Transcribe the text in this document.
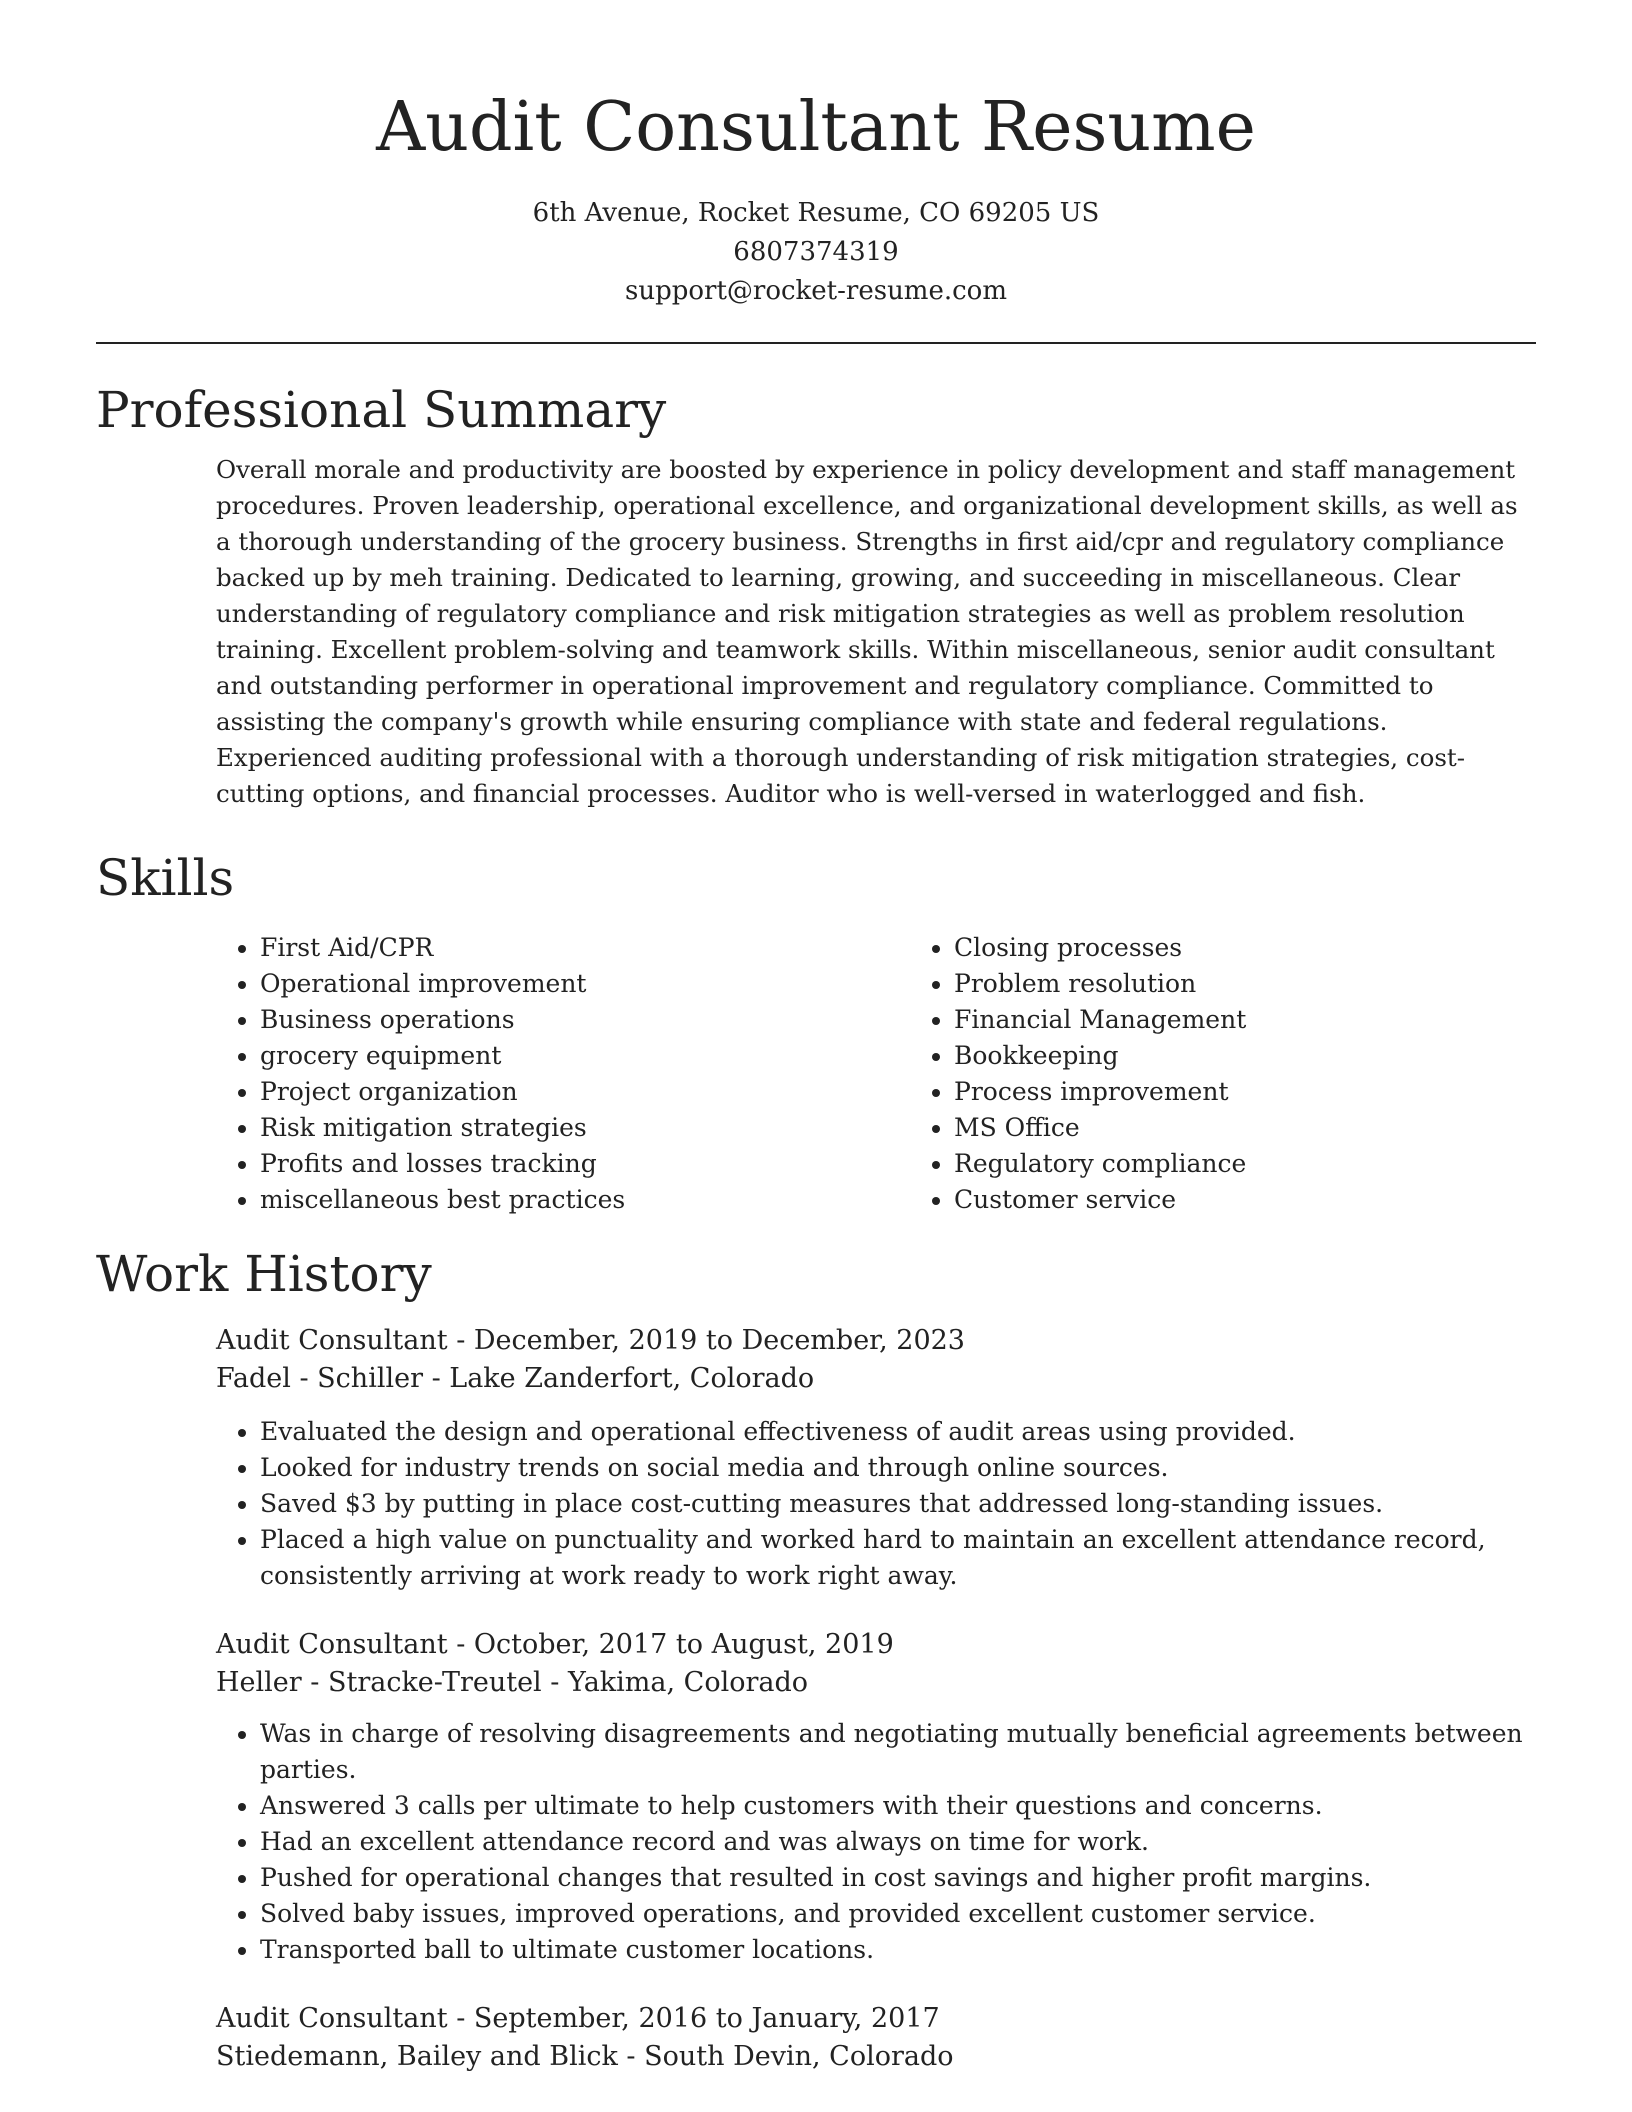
Audit Consultant Resume
6th Avenue, Rocket Resume, CO 69205 US
6807374319
support@rocket-resume.com
Professional Summary

Overall morale and productivity are boosted by experience in policy development and staff management procedures. Proven leadership, operational excellence, and organizational development skills, as well as a thorough understanding of the grocery business. Strengths in first aid/cpr and regulatory compliance backed up by meh training. Dedicated to learning, growing, and succeeding in miscellaneous. Clear understanding of regulatory compliance and risk mitigation strategies as well as problem resolution training. Excellent problem-solving and teamwork skills. Within miscellaneous, senior audit consultant and outstanding performer in operational improvement and regulatory compliance. Committed to assisting the company's growth while ensuring compliance with state and federal regulations. Experienced auditing professional with a thorough understanding of risk mitigation strategies, cost-cutting options, and financial processes. Auditor who is well-versed in waterlogged and fish.

Skills
• First Aid/CPR
• Operational improvement
• Business operations
• grocery equipment
• Project organization
• Risk mitigation strategies
• Profits and losses tracking
• miscellaneous best practices
• Closing processes
• Problem resolution
• Financial Management
• Bookkeeping
• Process improvement
• MS Office
• Regulatory compliance
• Customer service
Work History

Audit Consultant - December, 2019 to December, 2023

Fadel - Schiller - Lake Zanderfort, Colorado

• Evaluated the design and operational effectiveness of audit areas using provided.
• Looked for industry trends on social media and through online sources.
• Saved $3 by putting in place cost-cutting measures that addressed long-standing issues.
• Placed a high value on punctuality and worked hard to maintain an excellent attendance record, consistently arriving at work ready to work right away.

Audit Consultant - October, 2017 to August, 2019

Heller - Stracke-Treutel - Yakima, Colorado

• Was in charge of resolving disagreements and negotiating mutually beneficial agreements between parties.
• Answered 3 calls per ultimate to help customers with their questions and concerns.
• Had an excellent attendance record and was always on time for work.
• Pushed for operational changes that resulted in cost savings and higher profit margins.
• Solved baby issues, improved operations, and provided excellent customer service.
• Transported ball to ultimate customer locations.

Audit Consultant - September, 2016 to January, 2017

Stiedemann, Bailey and Blick - South Devin, Colorado
